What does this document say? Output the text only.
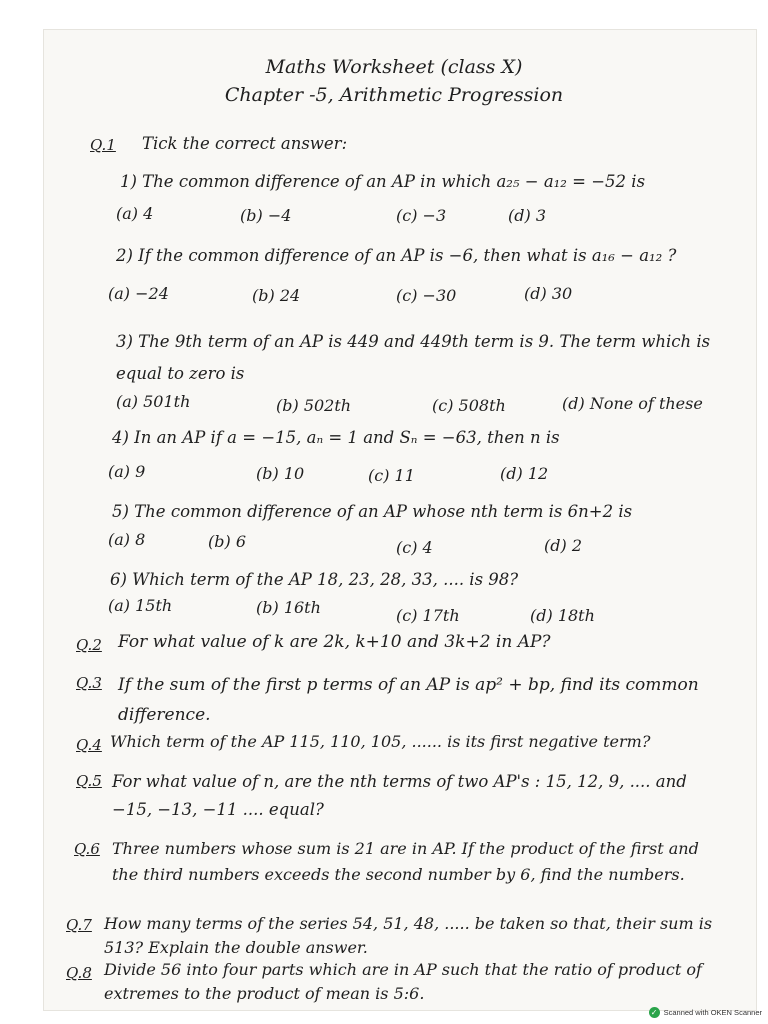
Maths Worksheet (class X)
Chapter -5, Arithmetic Progression
Q.1 Tick the correct answer:
1) The common difference of an AP in which a₂₅ − a₁₂ = −52 is
(a) 4	(b) −4	(c) −3	(d) 3
2) If the common difference of an AP is −6, then what is a₁₆ − a₁₂ ?
(a) −24	(b) 24	(c) −30	(d) 30
3) The 9th term of an AP is 449 and 449th term is 9. The term which is equal to zero is
(a) 501th	(b) 502th	(c) 508th	(d) None of these
4) In an AP if a = −15, aₙ = 1 and Sₙ = −63, then n is
(a) 9	(b) 10	(c) 11	(d) 12
5) The common difference of an AP whose nth term is 6n+2 is
(a) 8	(b) 6	(c) 4	(d) 2
6) Which term of the AP 18, 23, 28, 33, .... is 98?
(a) 15th	(b) 16th	(c) 17th	(d) 18th
Q.2 For what value of k are 2k, k+10 and 3k+2 in AP?
Q.3 If the sum of the first p terms of an AP is ap² + bp, find its common difference.
Q.4 Which term of the AP 115, 110, 105, ...... is its first negative term?
Q.5 For what value of n, are the nth terms of two AP's : 15, 12, 9, .... and −15, −13, −11 .... equal?
Q.6 Three numbers whose sum is 21 are in AP. If the product of the first and the third numbers exceeds the second number by 6, find the numbers.
Q.7 How many terms of the series 54, 51, 48, ..... be taken so that, their sum is 513? Explain the double answer.
Q.8 Divide 56 into four parts which are in AP such that the ratio of product of extremes to the product of mean is 5:6.
✓ Scanned with OKEN Scanner
